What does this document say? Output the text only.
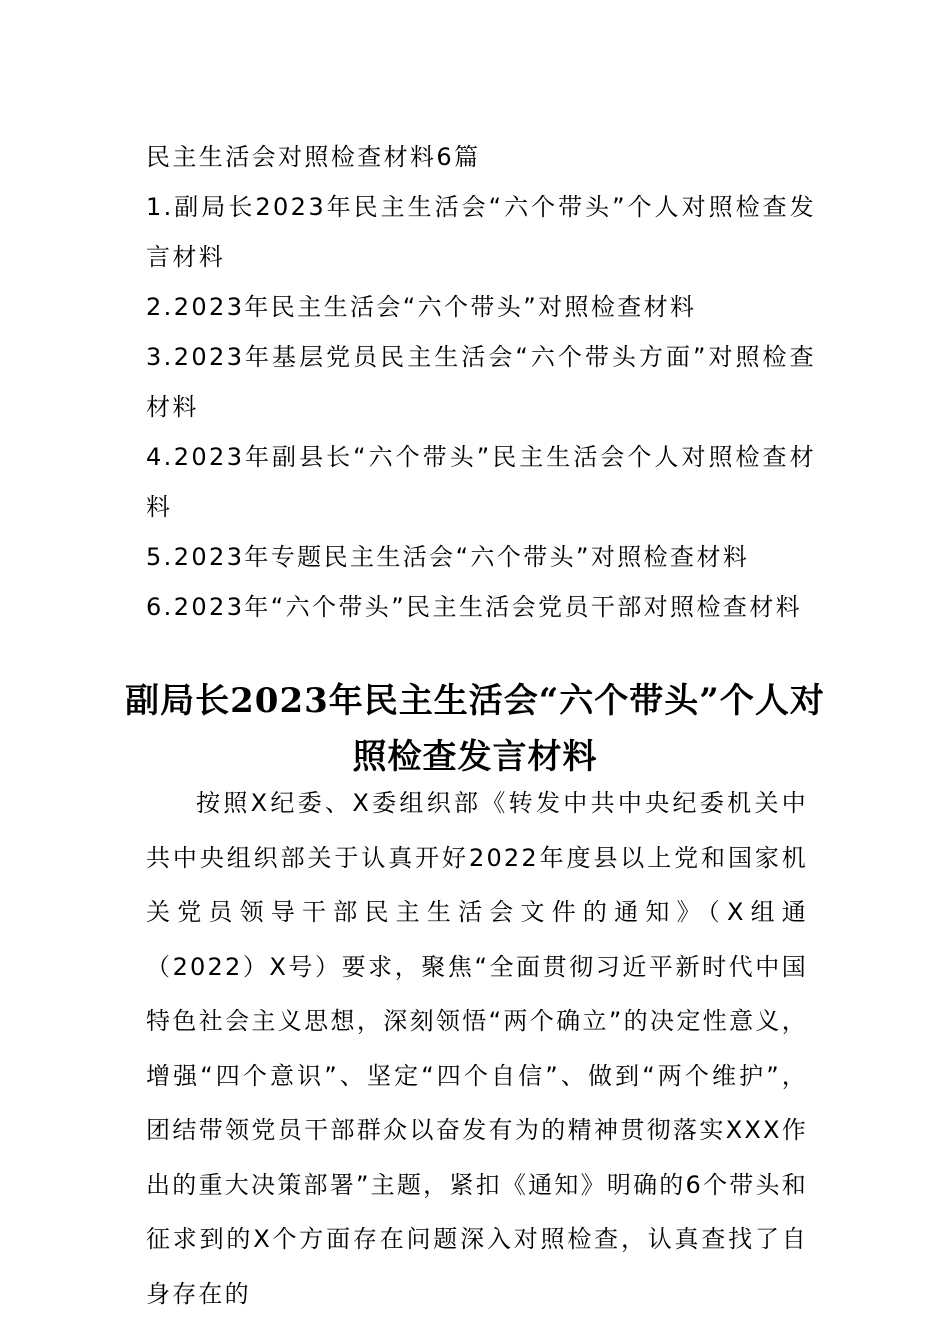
民主生活会对照检查材料6篇
1.副局长2023年民主生活会“六个带头”个人对照检查发言材料
2.2023年民主生活会“六个带头”对照检查材料
3.2023年基层党员民主生活会“六个带头方面”对照检查材料
4.2023年副县长“六个带头”民主生活会个人对照检查材料
5.2023年专题民主生活会“六个带头”对照检查材料
6.2023年“六个带头”民主生活会党员干部对照检查材料
副局长2023年民主生活会“六个带头”个人对照检查发言材料
按照X纪委、X委组织部《转发中共中央纪委机关中共中央组织部关于认真开好2022年度县以上党和国家机关党员领导干部民主生活会文件的通知》（X组通（2022）X号）要求，聚焦“全面贯彻习近平新时代中国特色社会主义思想，深刻领悟“两个确立”的决定性意义，增强“四个意识”、坚定“四个自信”、做到“两个维护”，团结带领党员干部群众以奋发有为的精神贯彻落实XXX作出的重大决策部署”主题，紧扣《通知》明确的6个带头和征求到的X个方面存在问题深入对照检查，认真查找了自身存在的
